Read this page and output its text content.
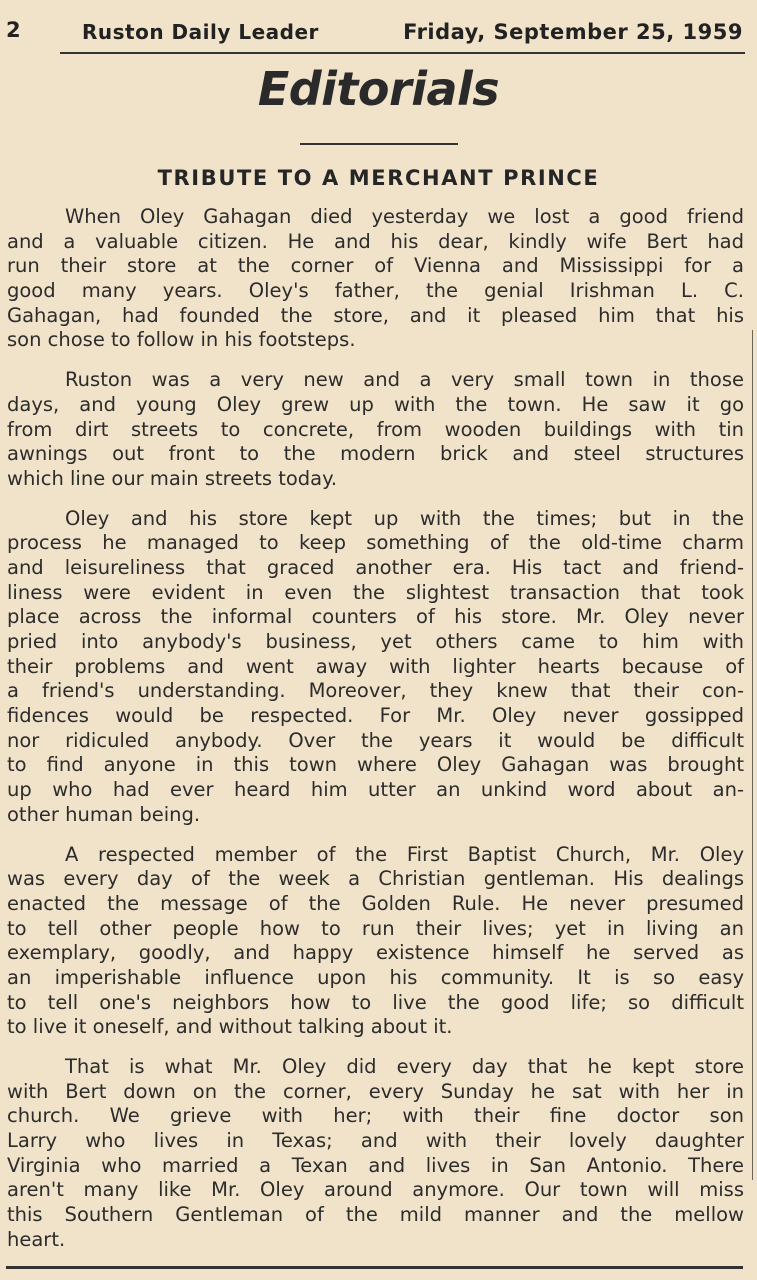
2	Ruston Daily Leader	Friday, September 25, 1959
Editorials
TRIBUTE TO A MERCHANT PRINCE
When Oley Gahagan died yesterday we lost a good friend
and a valuable citizen. He and his dear, kindly wife Bert had
run their store at the corner of Vienna and Mississippi for a
good many years. Oley's father, the genial Irishman L. C.
Gahagan, had founded the store, and it pleased him that his
son chose to follow in his footsteps.
Ruston was a very new and a very small town in those
days, and young Oley grew up with the town. He saw it go
from dirt streets to concrete, from wooden buildings with tin
awnings out front to the modern brick and steel structures
which line our main streets today.
Oley and his store kept up with the times; but in the
process he managed to keep something of the old-time charm
and leisureliness that graced another era. His tact and friend-
liness were evident in even the slightest transaction that took
place across the informal counters of his store. Mr. Oley never
pried into anybody's business, yet others came to him with
their problems and went away with lighter hearts because of
a friend's understanding. Moreover, they knew that their con-
fidences would be respected. For Mr. Oley never gossipped
nor ridiculed anybody. Over the years it would be difficult
to find anyone in this town where Oley Gahagan was brought
up who had ever heard him utter an unkind word about an-
other human being.
A respected member of the First Baptist Church, Mr. Oley
was every day of the week a Christian gentleman. His dealings
enacted the message of the Golden Rule. He never presumed
to tell other people how to run their lives; yet in living an
exemplary, goodly, and happy existence himself he served as
an imperishable influence upon his community. It is so easy
to tell one's neighbors how to live the good life; so difficult
to live it oneself, and without talking about it.
That is what Mr. Oley did every day that he kept store
with Bert down on the corner, every Sunday he sat with her in
church. We grieve with her; with their fine doctor son
Larry who lives in Texas; and with their lovely daughter
Virginia who married a Texan and lives in San Antonio. There
aren't many like Mr. Oley around anymore. Our town will miss
this Southern Gentleman of the mild manner and the mellow
heart.
